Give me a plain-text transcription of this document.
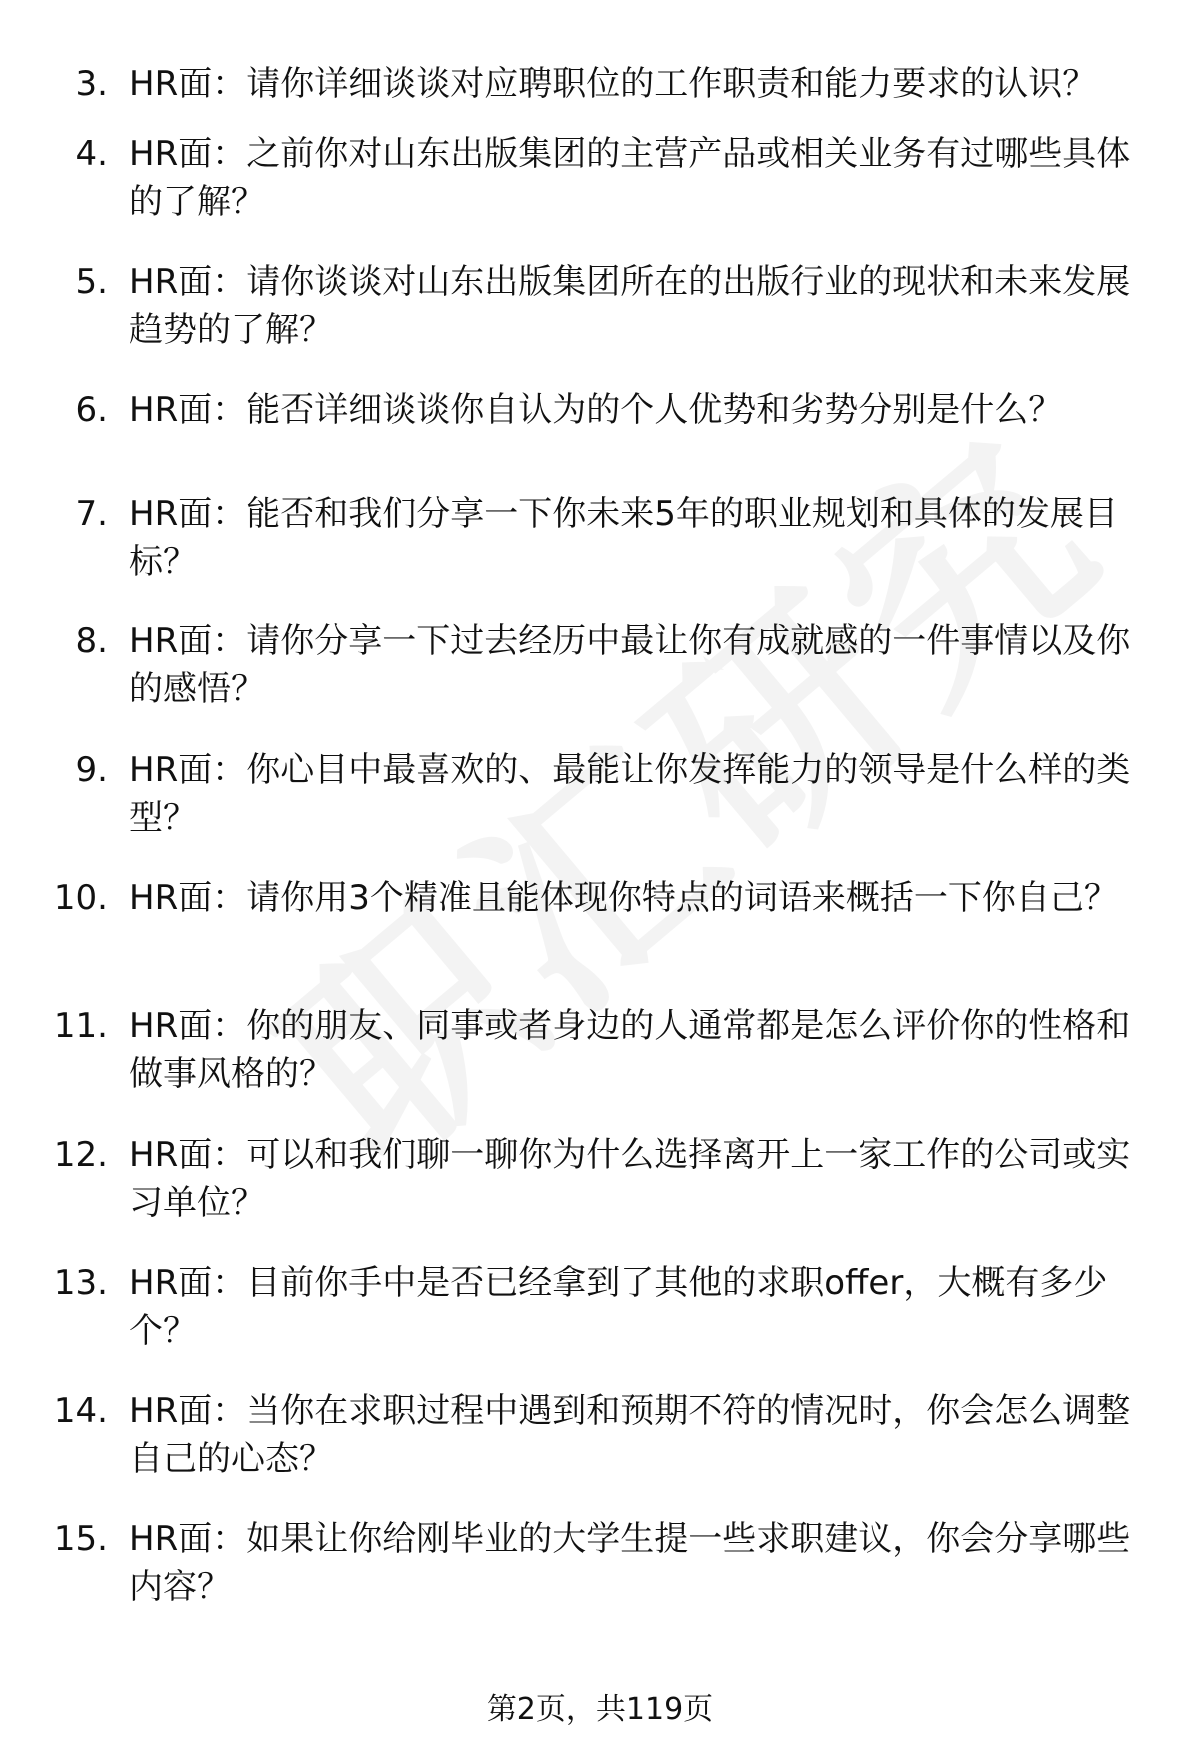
3. HR面：请你详细谈谈对应聘职位的工作职责和能力要求的认识？
4. HR面：之前你对山东出版集团的主营产品或相关业务有过哪些具体的了解？
5. HR面：请你谈谈对山东出版集团所在的出版行业的现状和未来发展趋势的了解？
6. HR面：能否详细谈谈你自认为的个人优势和劣势分别是什么？
7. HR面：能否和我们分享一下你未来5年的职业规划和具体的发展目标？
8. HR面：请你分享一下过去经历中最让你有成就感的一件事情以及你的感悟？
9. HR面：你心目中最喜欢的、最能让你发挥能力的领导是什么样的类型？
10. HR面：请你用3个精准且能体现你特点的词语来概括一下你自己？
11. HR面：你的朋友、同事或者身边的人通常都是怎么评价你的性格和做事风格的？
12. HR面：可以和我们聊一聊你为什么选择离开上一家工作的公司或实习单位？
13. HR面：目前你手中是否已经拿到了其他的求职offer，大概有多少个？
14. HR面：当你在求职过程中遇到和预期不符的情况时，你会怎么调整自己的心态？
15. HR面：如果让你给刚毕业的大学生提一些求职建议，你会分享哪些内容？
第2页，共119页
